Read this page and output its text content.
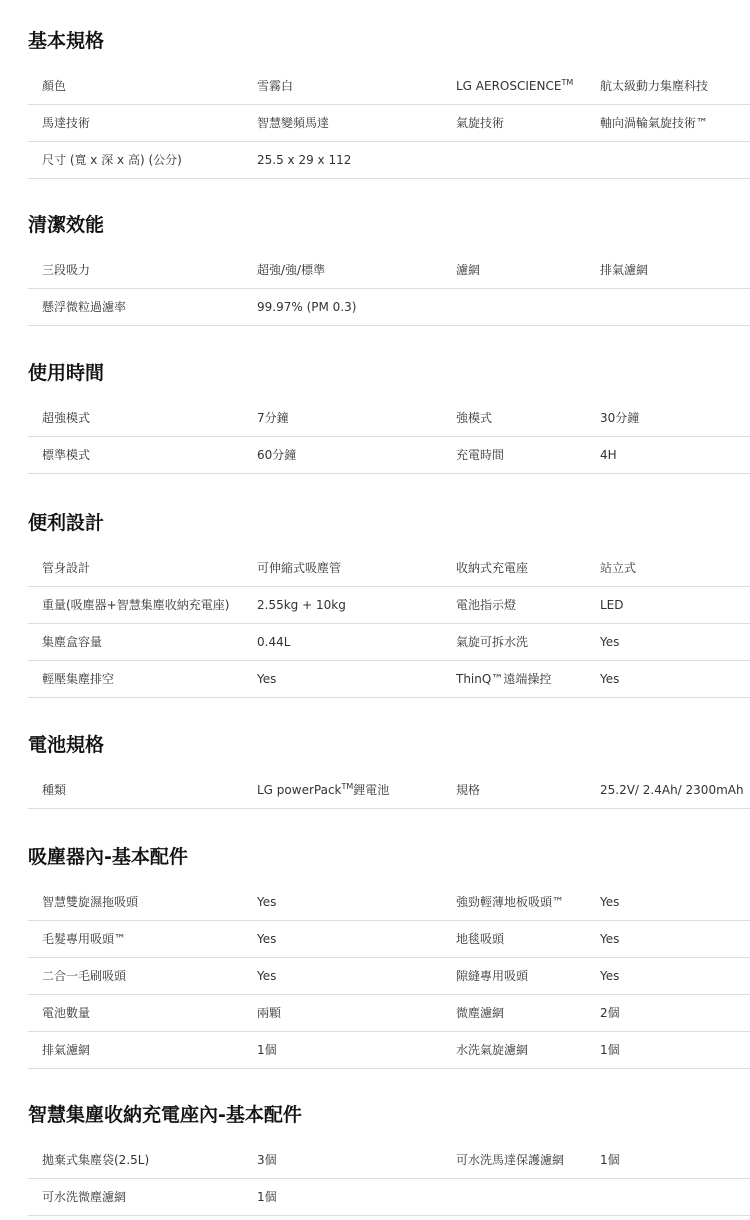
基本規格
顏色	雪霧白	LG AEROSCIENCE™ 航太級動力集塵科技
馬達技術	智慧變頻馬達	氣旋技術	軸向渦輪氣旋技術™
尺寸 (寬 x 深 x 高) (公分)	25.5 x 29 x 112
清潔效能
三段吸力	超強/強/標準	濾網	排氣濾網
懸浮微粒過濾率	99.97% (PM 0.3)
使用時間
超強模式	7分鐘	強模式	30分鐘
標準模式	60分鐘	充電時間	4H
便利設計
管身設計	可伸縮式吸塵管	收納式充電座	站立式
重量(吸塵器+智慧集塵收納充電座) 2.55kg + 10kg	電池指示燈	LED
集塵盒容量	0.44L	氣旋可拆水洗	Yes
輕壓集塵排空	Yes	ThinQ™遠端操控	Yes
電池規格
種類	LG powerPack™鋰電池	規格	25.2V/ 2.4Ah/ 2300mAh
吸塵器內-基本配件
智慧雙旋濕拖吸頭	Yes	強勁輕薄地板吸頭™	Yes
毛髮專用吸頭™	Yes	地毯吸頭	Yes
二合一毛刷吸頭	Yes	隙縫專用吸頭	Yes
電池數量	兩顆	微塵濾網	2個
排氣濾網	1個	水洗氣旋濾網	1個
智慧集塵收納充電座內-基本配件
拋棄式集塵袋(2.5L)	3個	可水洗馬達保護濾網	1個
可水洗微塵濾網	1個
